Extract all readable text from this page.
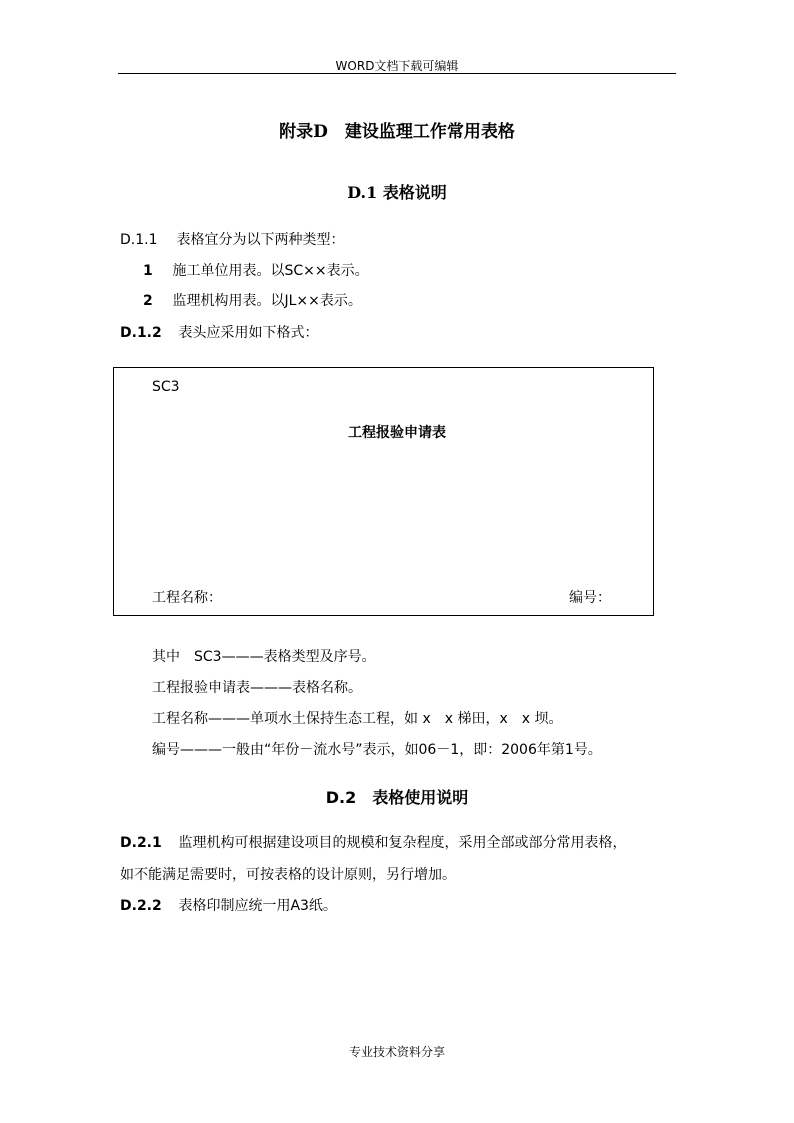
WORD文档下载可编辑
附录D　建设监理工作常用表格
D.1 表格说明
D.1.1 表格宜分为以下两种类型：
1 施工单位用表。以SC××表示。
2 监理机构用表。以JL××表示。
D.1.2 表头应采用如下格式：
SC3
工程报验申请表
工程名称：	编号：
其中　SC3———表格类型及序号。
工程报验申请表———表格名称。
工程名称———单项水土保持生态工程，如 x　x 梯田，x　x 坝。
编号———一般由“年份－流水号”表示，如06－1，即：2006年第1号。
D.2　表格使用说明
D.2.1 监理机构可根据建设项目的规模和复杂程度，采用全部或部分常用表格，
如不能满足需要时，可按表格的设计原则，另行增加。
D.2.2 表格印制应统一用A3纸。
专业技术资料分享
